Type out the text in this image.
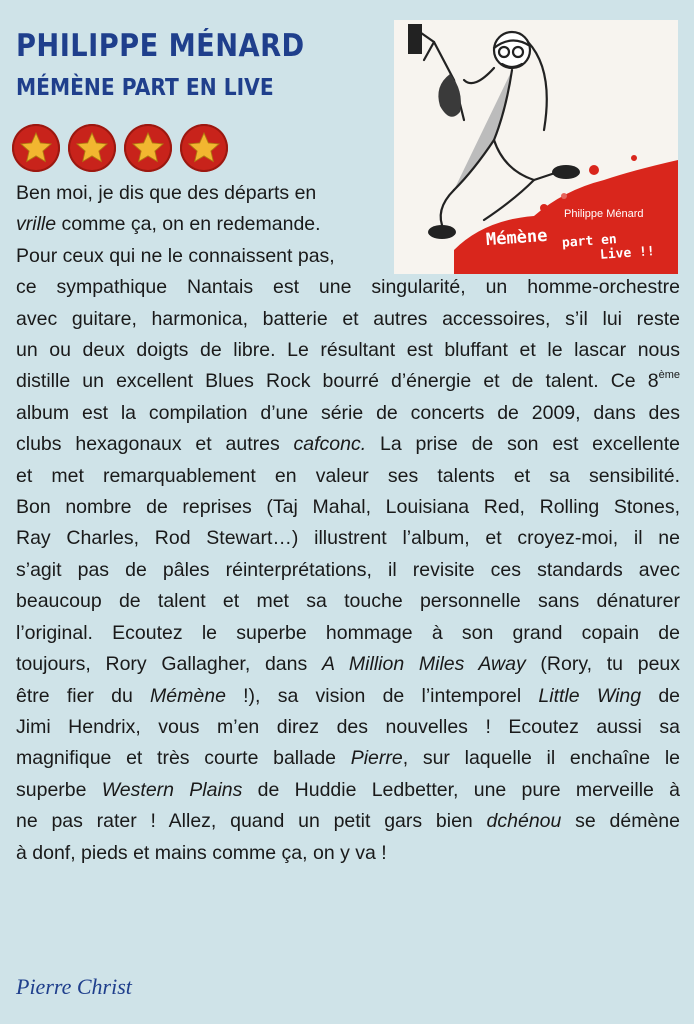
PHILIPPE MÉNARD
MÉMÈNE PART EN LIVE
Philippe Ménard
Mémène part en
Live !!
Ben moi, je dis que des départs en
vrille comme ça, on en redemande.
Pour ceux qui ne le connaissent pas,
ce sympathique Nantais est une singularité, un homme-orchestre
avec guitare, harmonica, batterie et autres accessoires, s’il lui reste
un ou deux doigts de libre. Le résultant est bluffant et le lascar nous
distille un excellent Blues Rock bourré d’énergie et de talent. Ce 8ème
album est la compilation d’une série de concerts de 2009, dans des
clubs hexagonaux et autres cafconc. La prise de son est excellente
et met remarquablement en valeur ses talents et sa sensibilité.
Bon nombre de reprises (Taj Mahal, Louisiana Red, Rolling Stones,
Ray Charles, Rod Stewart…) illustrent l’album, et croyez-moi, il ne
s’agit pas de pâles réinterprétations, il revisite ces standards avec
beaucoup de talent et met sa touche personnelle sans dénaturer
l’original. Ecoutez le superbe hommage à son grand copain de
toujours, Rory Gallagher, dans A Million Miles Away (Rory, tu peux
être fier du Mémène !), sa vision de l’intemporel Little Wing de
Jimi Hendrix, vous m’en direz des nouvelles ! Ecoutez aussi sa
magnifique et très courte ballade Pierre, sur laquelle il enchaîne le
superbe Western Plains de Huddie Ledbetter, une pure merveille à
ne pas rater ! Allez, quand un petit gars bien dchénou se démène
à donf, pieds et mains comme ça, on y va !

Pierre Christ
